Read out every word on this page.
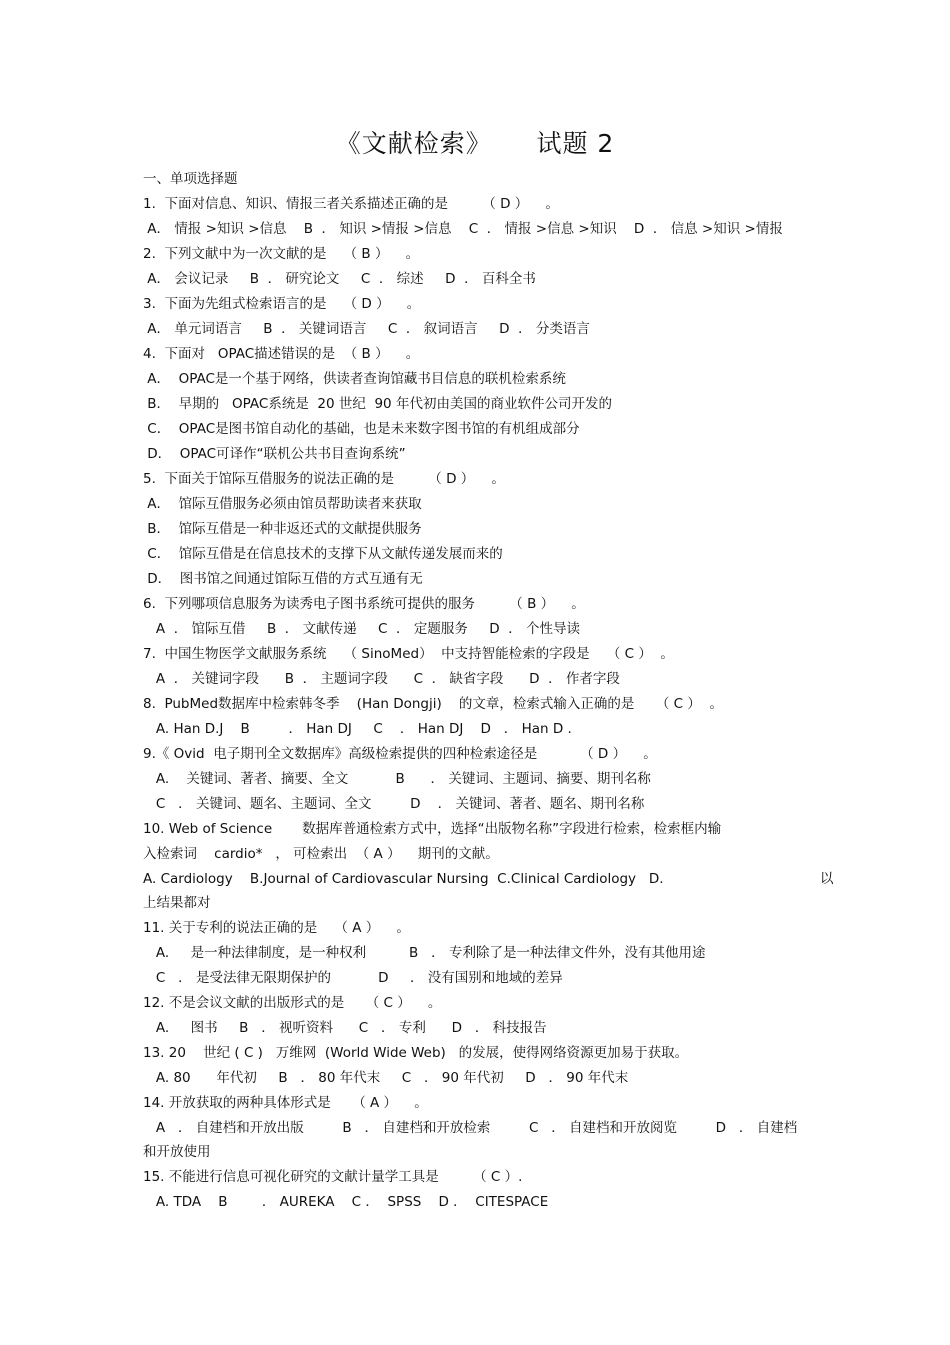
《文献检索》     试题 2
一、单项选择题
1.  下面对信息、知识、情报三者关系描述正确的是        （ D ）    。
A． 情报 >知识 >信息    B  ． 知识 >情报 >信息    C  ． 情报 >信息 >知识    D  ． 信息 >知识 >情报
2.  下列文献中为一次文献的是    （ B ）    。
A． 会议记录     B  ． 研究论文     C  ． 综述     D  ． 百科全书
3.  下面为先组式检索语言的是    （ D ）    。
A． 单元词语言     B  ． 关键词语言     C  ． 叙词语言     D  ． 分类语言
4.  下面对   OPAC描述错误的是  （ B ）    。
A．  OPAC是一个基于网络，供读者查询馆藏书目信息的联机检索系统
B．  早期的   OPAC系统是  20 世纪  90 年代初由美国的商业软件公司开发的
C．  OPAC是图书馆自动化的基础，也是未来数字图书馆的有机组成部分
D．  OPAC可译作“联机公共书目查询系统”
5.  下面关于馆际互借服务的说法正确的是        （ D ）    。
A．  馆际互借服务必须由馆员帮助读者来获取
B．  馆际互借是一种非返还式的文献提供服务
C．  馆际互借是在信息技术的支撑下从文献传递发展而来的
D．  图书馆之间通过馆际互借的方式互通有无
6.  下列哪项信息服务为读秀电子图书系统可提供的服务        （ B ）    。
A  ． 馆际互借     B  ． 文献传递     C  ． 定题服务     D  ． 个性导读
7.  中国生物医学文献服务系统    （ SinoMed）  中支持智能检索的字段是    （ C ）  。
A  ． 关键词字段      B  ． 主题词字段      C  ． 缺省字段      D  ． 作者字段
8.  PubMed数据库中检索韩冬季    (Han Dongji)    的文章，检索式输入正确的是     （ C ）  。
A. Han D.J    B         ． Han DJ     C    ． Han DJ    D   ． Han D .
9.《 Ovid  电子期刊全文数据库》高级检索提供的四种检索途径是          （ D ）    。
A.    关键词、著者、摘要、全文           B      ． 关键词、主题词、摘要、期刊名称
C   ． 关键词、题名、主题词、全文         D    ． 关键词、著者、题名、期刊名称
10. Web of Science       数据库普通检索方式中，选择“出版物名称”字段进行检索，检索框内输
入检索词    cardio*   ， 可检索出  （ A ）    期刊的文献。
A. Cardiology    B.Journal of Cardiovascular Nursing  C.Clinical Cardiology   D.	以
上结果都对
11. 关于专利的说法正确的是    （ A ）    。
A.     是一种法律制度，是一种权利          B   ． 专利除了是一种法律文件外，没有其他用途
C   ． 是受法律无限期保护的           D     ． 没有国别和地域的差异
12. 不是会议文献的出版形式的是     （ C ）    。
A.     图书     B   ． 视听资料      C   ． 专利      D   ． 科技报告
13. 20    世纪 ( C )   万维网  (World Wide Web)   的发展，使得网络资源更加易于获取。
A. 80      年代初     B   ． 80 年代末     C   ． 90 年代初     D   ． 90 年代末
14. 开放获取的两种具体形式是     （ A ）    。
A   ． 自建档和开放出版         B   ． 自建档和开放检索         C   ． 自建档和开放阅览         D   ． 自建档
和开放使用
15. 不能进行信息可视化研究的文献计量学工具是        （ C ）.
A. TDA    B        ． AUREKA    C ．  SPSS    D ．  CITESPACE
